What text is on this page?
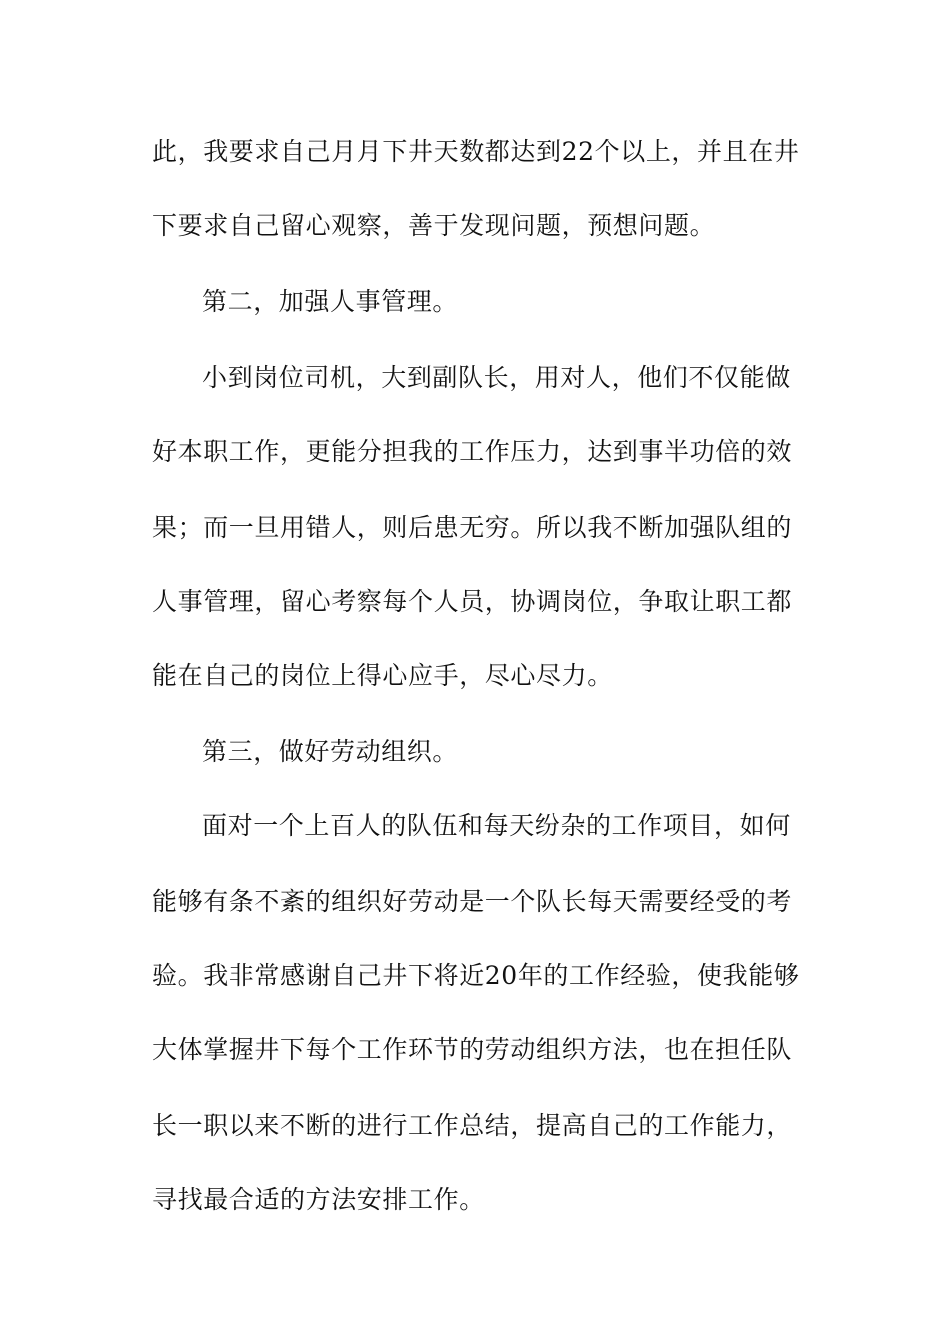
此，我要求自己月月下井天数都达到22个以上，并且在井
下要求自己留心观察，善于发现问题，预想问题。
第二，加强人事管理。
小到岗位司机，大到副队长，用对人，他们不仅能做
好本职工作，更能分担我的工作压力，达到事半功倍的效
果；而一旦用错人，则后患无穷。所以我不断加强队组的
人事管理，留心考察每个人员，协调岗位，争取让职工都
能在自己的岗位上得心应手，尽心尽力。
第三，做好劳动组织。
面对一个上百人的队伍和每天纷杂的工作项目，如何
能够有条不紊的组织好劳动是一个队长每天需要经受的考
验。我非常感谢自己井下将近20年的工作经验，使我能够
大体掌握井下每个工作环节的劳动组织方法，也在担任队
长一职以来不断的进行工作总结，提高自己的工作能力，
寻找最合适的方法安排工作。
